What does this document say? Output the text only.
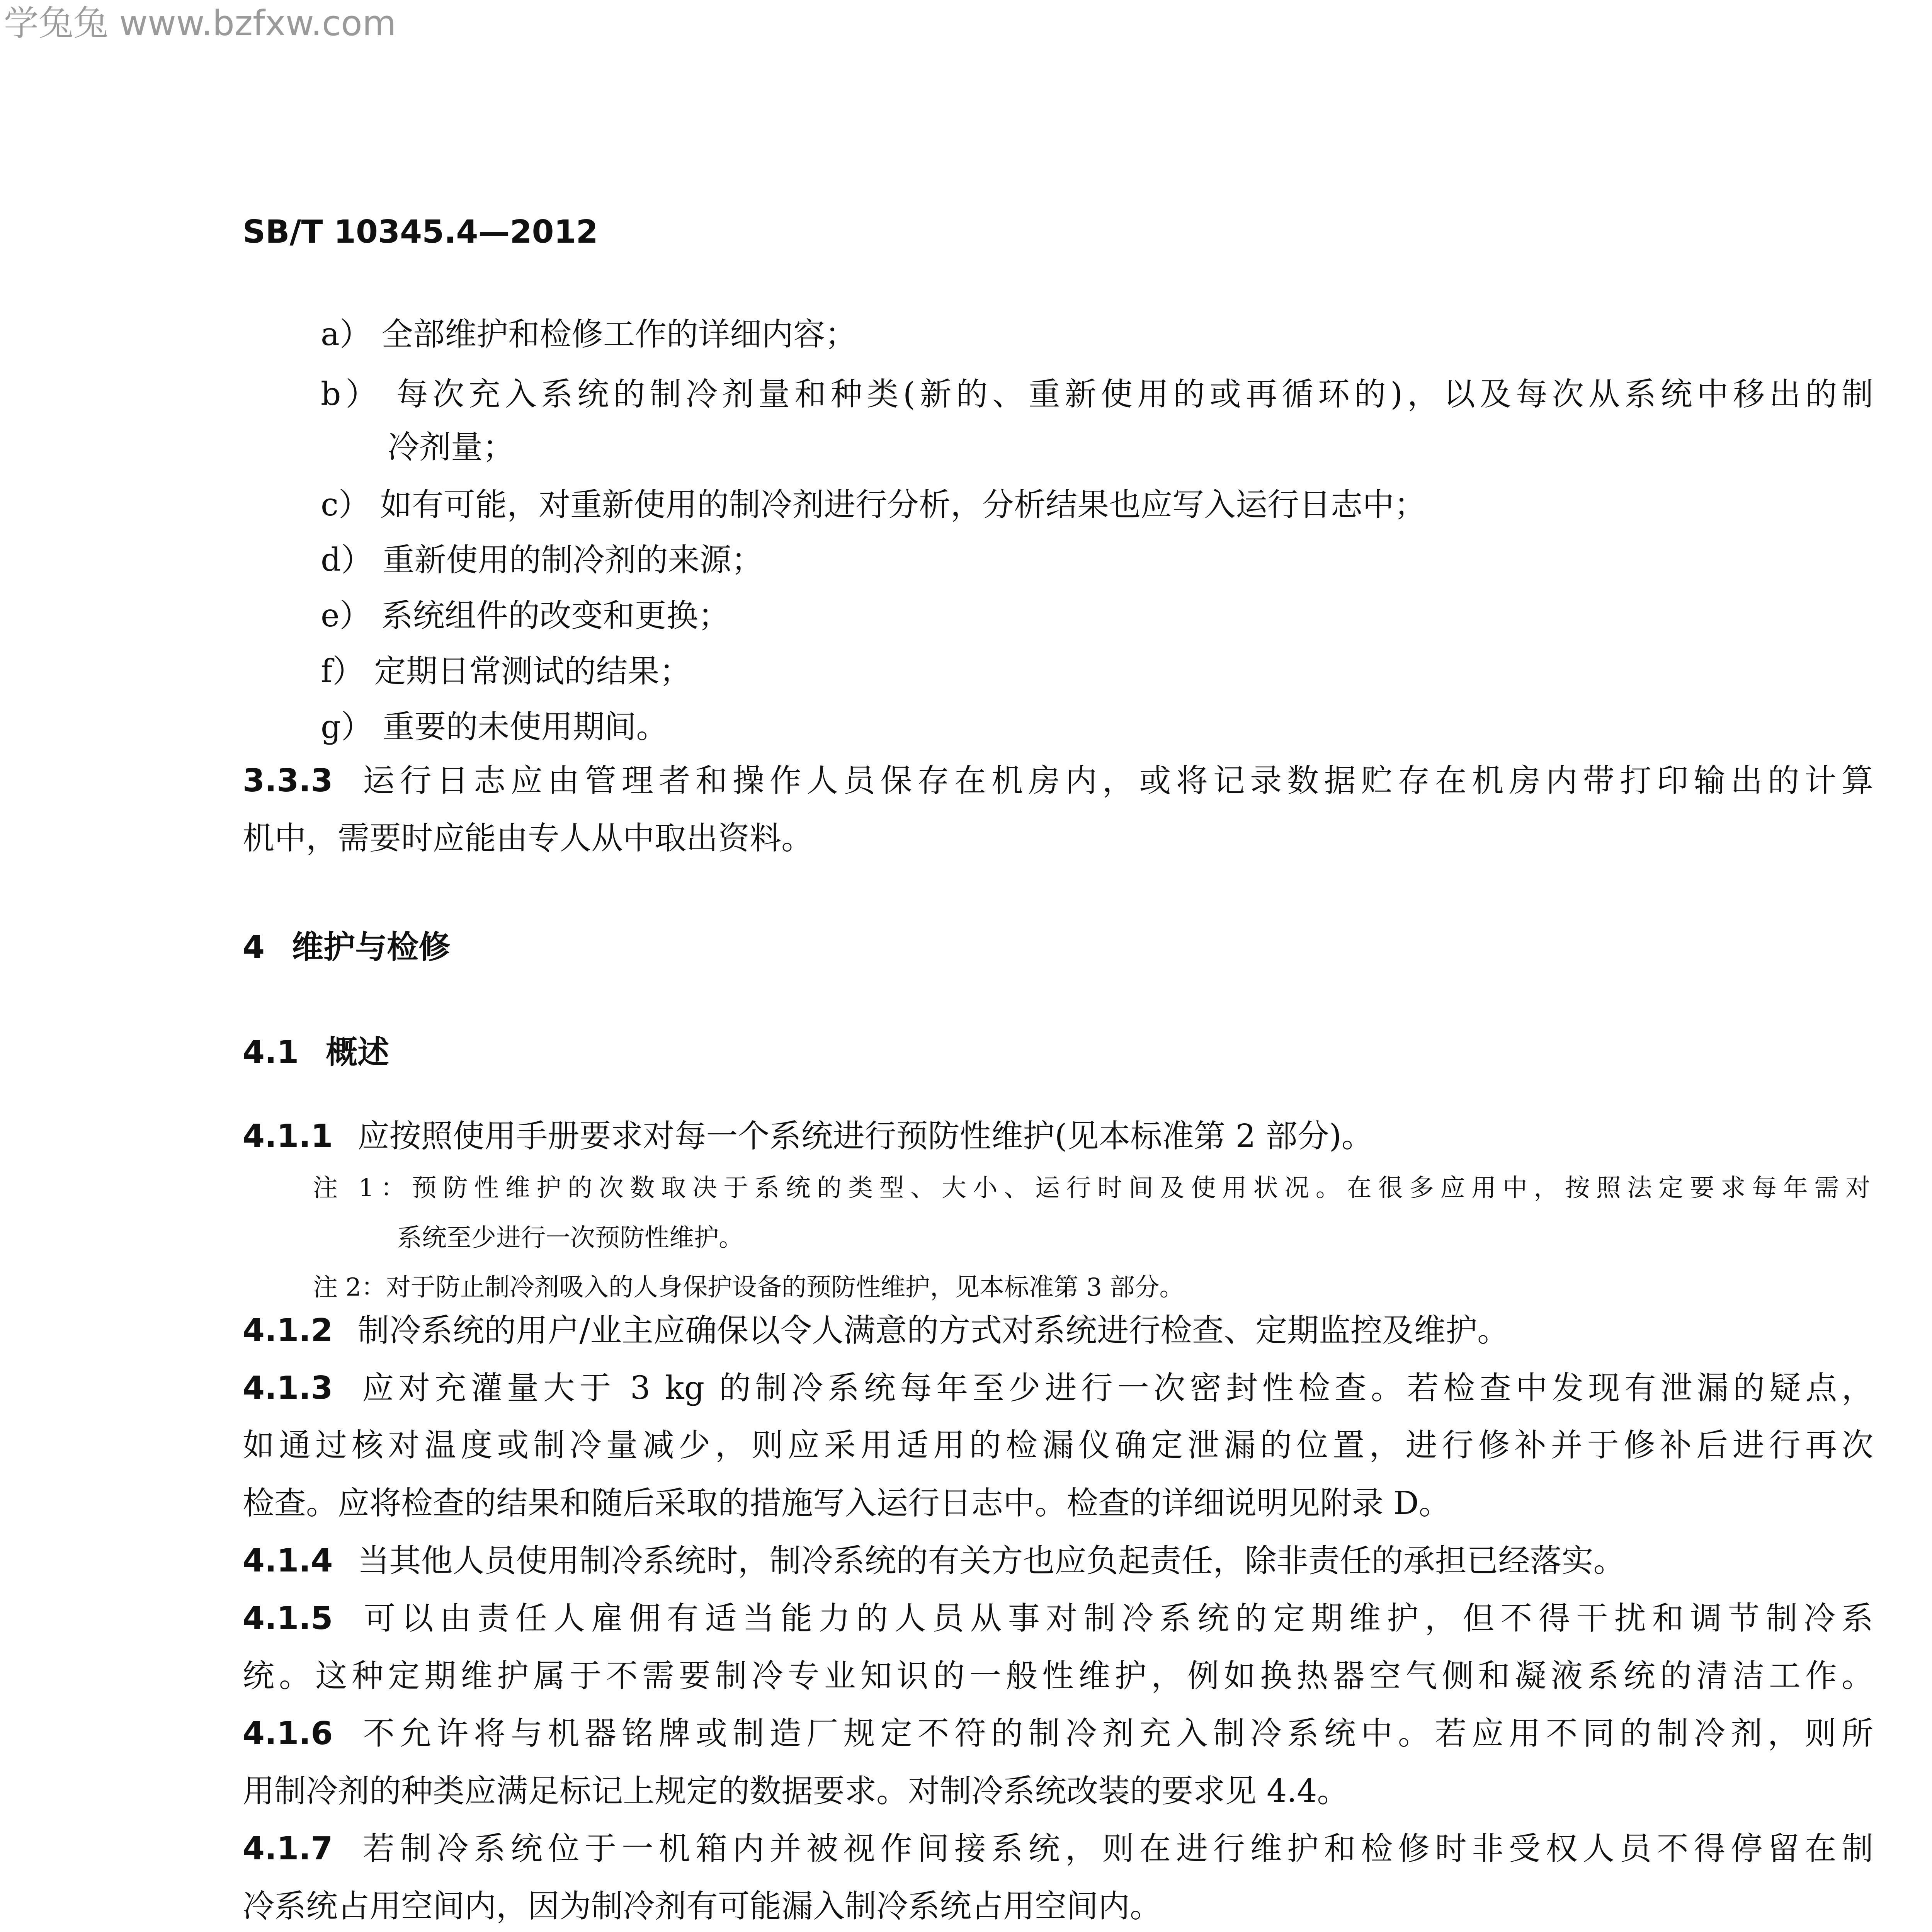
学兔兔 www.bzfxw.com
SB/T 10345.4—2012
a） 全部维护和检修工作的详细内容；
b） 每次充入系统的制冷剂量和种类(新的、重新使用的或再循环的)，以及每次从系统中移出的制
冷剂量；
c） 如有可能，对重新使用的制冷剂进行分析，分析结果也应写入运行日志中；
d） 重新使用的制冷剂的来源；
e） 系统组件的改变和更换；
f） 定期日常测试的结果；
g） 重要的未使用期间。
3.3.3 运行日志应由管理者和操作人员保存在机房内，或将记录数据贮存在机房内带打印输出的计算
机中，需要时应能由专人从中取出资料。
4 维护与检修
4.1 概述
4.1.1 应按照使用手册要求对每一个系统进行预防性维护(见本标准第 2 部分)。
注 1：预防性维护的次数取决于系统的类型、大小、运行时间及使用状况。在很多应用中，按照法定要求每年需对
系统至少进行一次预防性维护。
注 2：对于防止制冷剂吸入的人身保护设备的预防性维护，见本标准第 3 部分。
4.1.2 制冷系统的用户/业主应确保以令人满意的方式对系统进行检查、定期监控及维护。
4.1.3 应对充灌量大于 3 kg 的制冷系统每年至少进行一次密封性检查。若检查中发现有泄漏的疑点，
如通过核对温度或制冷量减少，则应采用适用的检漏仪确定泄漏的位置，进行修补并于修补后进行再次
检查。应将检查的结果和随后采取的措施写入运行日志中。检查的详细说明见附录 D。
4.1.4 当其他人员使用制冷系统时，制冷系统的有关方也应负起责任，除非责任的承担已经落实。
4.1.5 可以由责任人雇佣有适当能力的人员从事对制冷系统的定期维护，但不得干扰和调节制冷系
统。这种定期维护属于不需要制冷专业知识的一般性维护，例如换热器空气侧和凝液系统的清洁工作。
4.1.6 不允许将与机器铭牌或制造厂规定不符的制冷剂充入制冷系统中。若应用不同的制冷剂，则所
用制冷剂的种类应满足标记上规定的数据要求。对制冷系统改装的要求见 4.4。
4.1.7 若制冷系统位于一机箱内并被视作间接系统，则在进行维护和检修时非受权人员不得停留在制
冷系统占用空间内，因为制冷剂有可能漏入制冷系统占用空间内。
